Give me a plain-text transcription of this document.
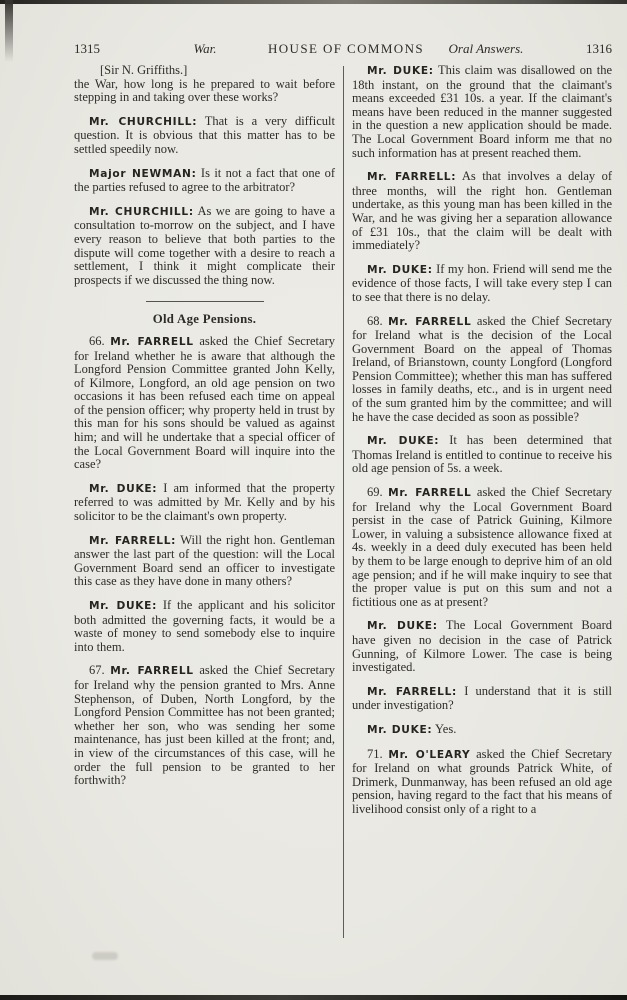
1315	War.	HOUSE OF COMMONS	Oral Answers.	1316

[Sir N. Griffiths.]

the War, how long is he prepared to wait before stepping in and taking over these works?

Mr. CHURCHILL: That is a very difficult question. It is obvious that this matter has to be settled speedily now.

Major NEWMAN: Is it not a fact that one of the parties refused to agree to the arbitrator?

Mr. CHURCHILL: As we are going to have a consultation to-morrow on the subject, and I have every reason to believe that both parties to the dispute will come together with a desire to reach a settlement, I think it might complicate their prospects if we discussed the thing now.

Old Age Pensions.

66. Mr. FARRELL asked the Chief Secretary for Ireland whether he is aware that although the Longford Pension Committee granted John Kelly, of Kilmore, Longford, an old age pension on two occasions it has been refused each time on appeal of the pension officer; why property held in trust by this man for his sons should be valued as against him; and will he undertake that a special officer of the Local Government Board will inquire into the case?

Mr. DUKE: I am informed that the property referred to was admitted by Mr. Kelly and by his solicitor to be the claimant's own property.

Mr. FARRELL: Will the right hon. Gentleman answer the last part of the question: will the Local Government Board send an officer to investigate this case as they have done in many others?

Mr. DUKE: If the applicant and his solicitor both admitted the governing facts, it would be a waste of money to send somebody else to inquire into them.

67. Mr. FARRELL asked the Chief Secretary for Ireland why the pension granted to Mrs. Anne Stephenson, of Duben, North Longford, by the Longford Pension Committee has not been granted; whether her son, who was sending her some maintenance, has just been killed at the front; and, in view of the circumstances of this case, will he order the full pension to be granted to her forthwith?

Mr. DUKE: This claim was disallowed on the 18th instant, on the ground that the claimant's means exceeded £31 10s. a year. If the claimant's means have been reduced in the manner suggested in the question a new application should be made. The Local Government Board inform me that no such information has at present reached them.

Mr. FARRELL: As that involves a delay of three months, will the right hon. Gentleman undertake, as this young man has been killed in the War, and he was giving her a separation allowance of £31 10s., that the claim will be dealt with immediately?

Mr. DUKE: If my hon. Friend will send me the evidence of those facts, I will take every step I can to see that there is no delay.

68. Mr. FARRELL asked the Chief Secretary for Ireland what is the decision of the Local Government Board on the appeal of Thomas Ireland, of Brianstown, county Longford (Longford Pension Committee); whether this man has suffered losses in family deaths, etc., and is in urgent need of the sum granted him by the committee; and will he have the case decided as soon as possible?

Mr. DUKE: It has been determined that Thomas Ireland is entitled to continue to receive his old age pension of 5s. a week.

69. Mr. FARRELL asked the Chief Secretary for Ireland why the Local Government Board persist in the case of Patrick Guining, Kilmore Lower, in valuing a subsistence allowance fixed at 4s. weekly in a deed duly executed has been held by them to be large enough to deprive him of an old age pension; and if he will make inquiry to see that the proper value is put on this sum and not a fictitious one as at present?

Mr. DUKE: The Local Government Board have given no decision in the case of Patrick Gunning, of Kilmore Lower. The case is being investigated.

Mr. FARRELL: I understand that it is still under investigation?

Mr. DUKE: Yes.

71. Mr. O'LEARY asked the Chief Secretary for Ireland on what grounds Patrick White, of Drimerk, Dunmanway, has been refused an old age pension, having regard to the fact that his means of livelihood consist only of a right to a
